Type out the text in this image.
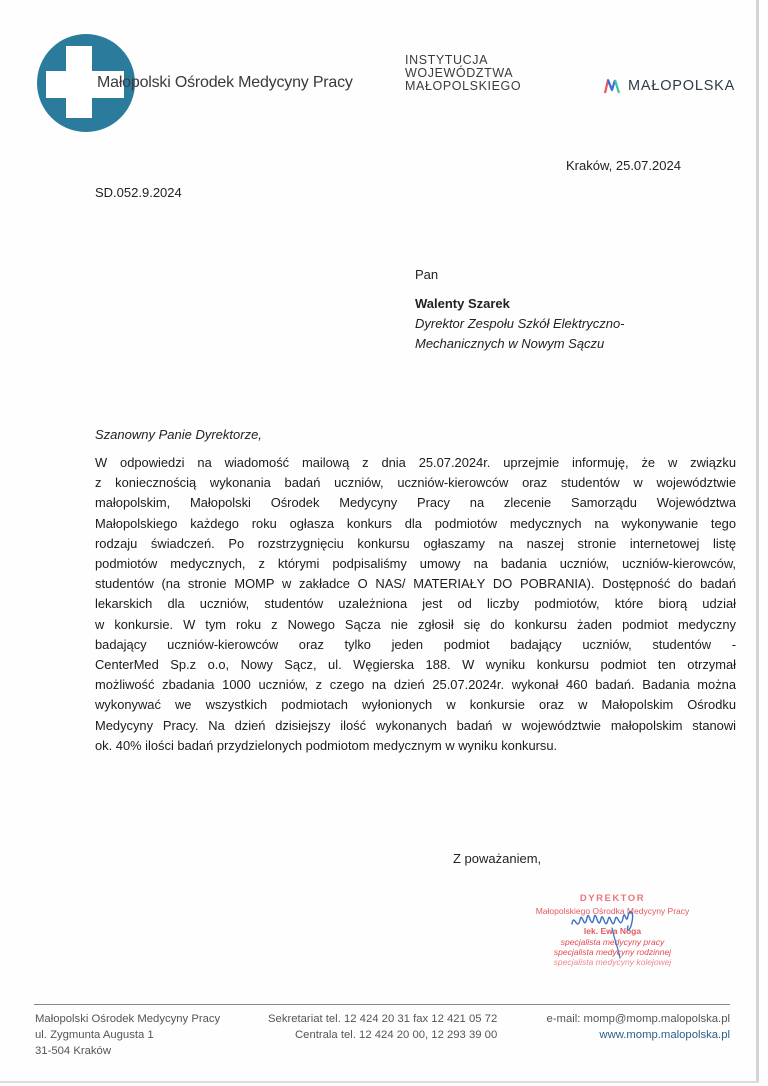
Małopolski Ośrodek Medycyny Pracy
INSTYTUCJA
WOJEWÓDZTWA
MAŁOPOLSKIEGO	MAŁOPOLSKA
Kraków, 25.07.2024
SD.052.9.2024
Pan
Walenty Szarek
Dyrektor Zespołu Szkół Elektryczno-
Mechanicznych w Nowym Sączu
Szanowny Panie Dyrektorze,
W odpowiedzi na wiadomość mailową z dnia 25.07.2024r. uprzejmie informuję, że w związku
z koniecznością wykonania badań uczniów, uczniów-kierowców oraz studentów w województwie
małopolskim, Małopolski Ośrodek Medycyny Pracy na zlecenie Samorządu Województwa
Małopolskiego każdego roku ogłasza konkurs dla podmiotów medycznych na wykonywanie tego
rodzaju świadczeń. Po rozstrzygnięciu konkursu ogłaszamy na naszej stronie internetowej listę
podmiotów medycznych, z którymi podpisaliśmy umowy na badania uczniów, uczniów-kierowców,
studentów (na stronie MOMP w zakładce O NAS/ MATERIAŁY DO POBRANIA). Dostępność do badań
lekarskich dla uczniów, studentów uzależniona jest od liczby podmiotów, które biorą udział
w konkursie. W tym roku z Nowego Sącza nie zgłosił się do konkursu żaden podmiot medyczny
badający uczniów-kierowców oraz tylko jeden podmiot badający uczniów, studentów -
CenterMed Sp.z o.o, Nowy Sącz, ul. Węgierska 188. W wyniku konkursu podmiot ten otrzymał
możliwość zbadania 1000 uczniów, z czego na dzień 25.07.2024r. wykonał 460 badań. Badania można
wykonywać we wszystkich podmiotach wyłonionych w konkursie oraz w Małopolskim Ośrodku
Medycyny Pracy. Na dzień dzisiejszy ilość wykonanych badań w województwie małopolskim stanowi
ok. 40% ilości badań przydzielonych podmiotom medycznym w wyniku konkursu.
Z poważaniem,
DYREKTOR
Małopolskiego Ośrodka Medycyny Pracy
lek. Ewa Noga
specjalista medycyny pracy
specjalista medycyny rodzinnej
specjalista medycyny kolejowej
Małopolski Ośrodek Medycyny Pracy
ul. Zygmunta Augusta 1
31-504 Kraków
Sekretariat tel. 12 424 20 31 fax 12 421 05 72
Centrala tel. 12 424 20 00, 12 293 39 00
e-mail: momp@momp.malopolska.pl
www.momp.malopolska.pl
